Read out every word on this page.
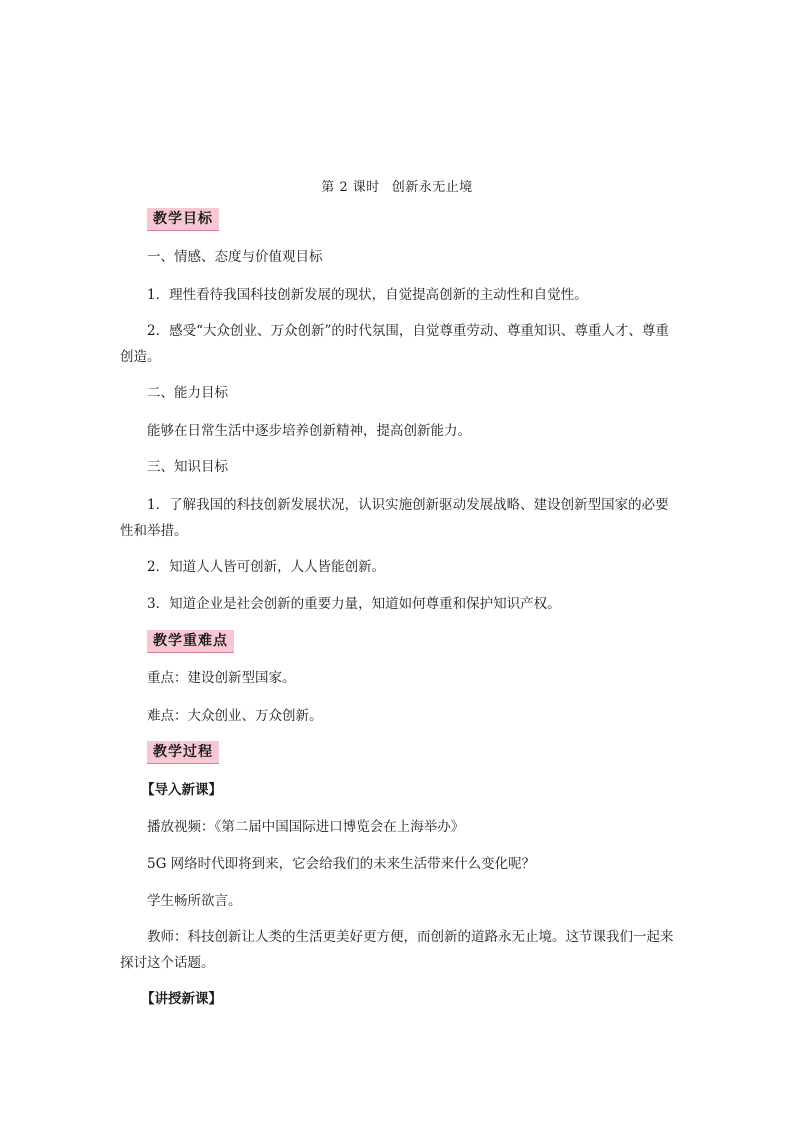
第 2 课时 创新永无止境
教学目标
一、情感、态度与价值观目标
1．理性看待我国科技创新发展的现状，自觉提高创新的主动性和自觉性。
2．感受“大众创业、万众创新”的时代氛围，自觉尊重劳动、尊重知识、尊重人才、尊重创造。
二、能力目标
能够在日常生活中逐步培养创新精神，提高创新能力。
三、知识目标
1．了解我国的科技创新发展状况，认识实施创新驱动发展战略、建设创新型国家的必要性和举措。
2．知道人人皆可创新，人人皆能创新。
3．知道企业是社会创新的重要力量，知道如何尊重和保护知识产权。
教学重难点
重点：建设创新型国家。
难点：大众创业、万众创新。
教学过程
【导入新课】
播放视频：《第二届中国国际进口博览会在上海举办》
5G 网络时代即将到来，它会给我们的未来生活带来什么变化呢？
学生畅所欲言。
教师：科技创新让人类的生活更美好更方便，而创新的道路永无止境。这节课我们一起来探讨这个话题。
【讲授新课】
